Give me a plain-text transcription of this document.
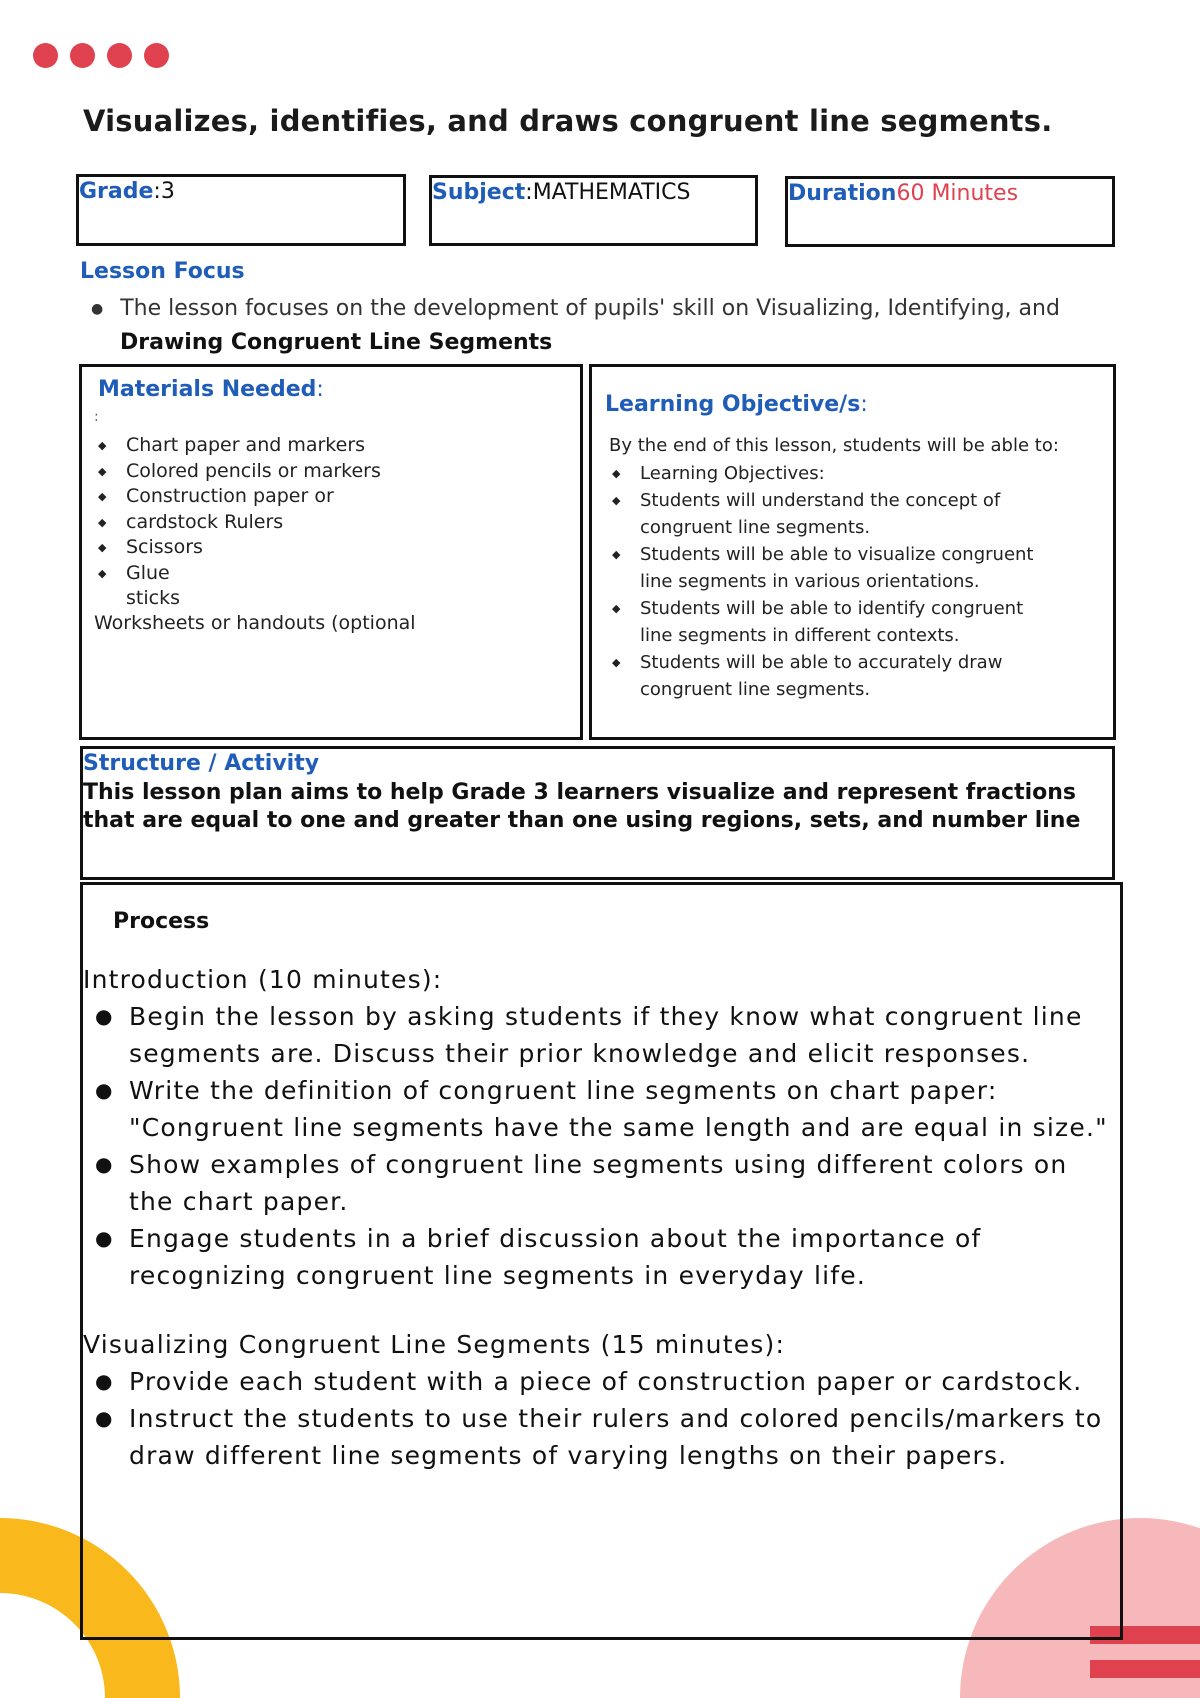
Visualizes, identifies, and draws congruent line segments.
Grade:3	Subject:MATHEMATICS	Duration60 Minutes
Lesson Focus
● The lesson focuses on the development of pupils' skill on Visualizing, Identifying, and
Drawing Congruent Line Segments
Materials Needed:
:
◆ Chart paper and markers
◆ Colored pencils or markers
◆ Construction paper or
◆ cardstock Rulers
◆ Scissors
◆ Glue
sticks
Worksheets or handouts (optional
Learning Objective/s:
By the end of this lesson, students will be able to:
◆ Learning Objectives:
◆ Students will understand the concept of congruent line segments.
◆ Students will be able to visualize congruent line segments in various orientations.
◆ Students will be able to identify congruent line segments in different contexts.
◆ Students will be able to accurately draw congruent line segments.
Structure / Activity
This lesson plan aims to help Grade 3 learners visualize and represent fractions that are equal to one and greater than one using regions, sets, and number line
Process
Introduction (10 minutes):
● Begin the lesson by asking students if they know what congruent line segments are. Discuss their prior knowledge and elicit responses.
● Write the definition of congruent line segments on chart paper: "Congruent line segments have the same length and are equal in size."
● Show examples of congruent line segments using different colors on the chart paper.
● Engage students in a brief discussion about the importance of recognizing congruent line segments in everyday life.
Visualizing Congruent Line Segments (15 minutes):
● Provide each student with a piece of construction paper or cardstock.
● Instruct the students to use their rulers and colored pencils/markers to draw different line segments of varying lengths on their papers.
